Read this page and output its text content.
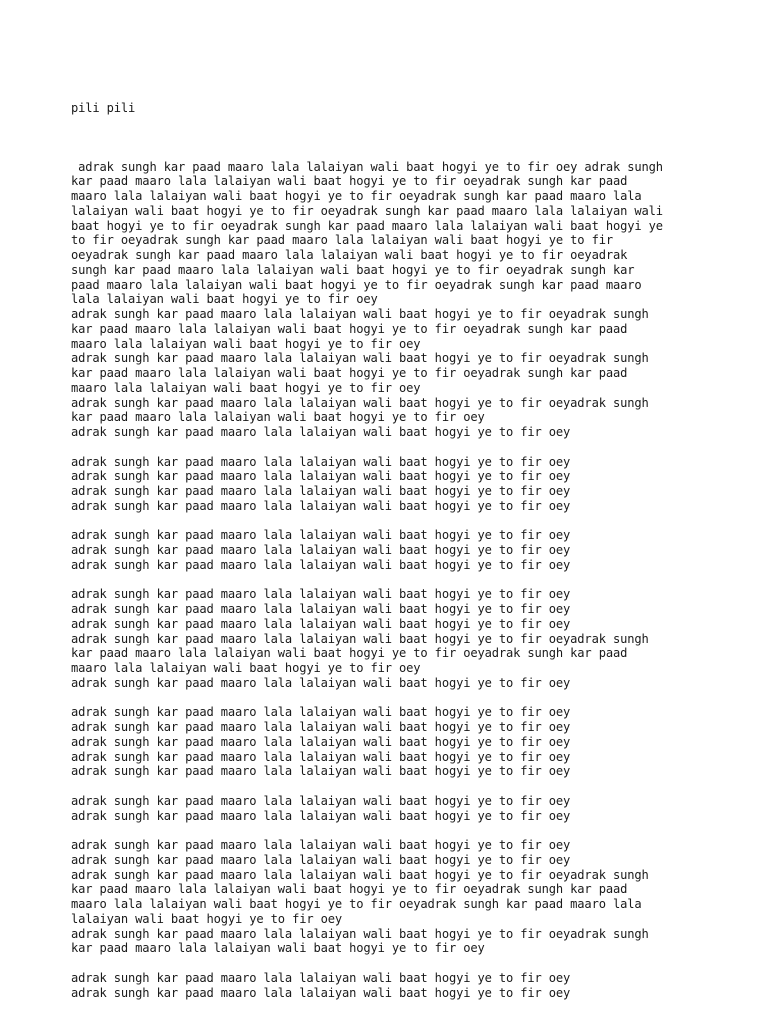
pili pili

adrak sungh kar paad maaro lala lalaiyan wali baat hogyi ye to fir oey adrak sungh
kar paad maaro lala lalaiyan wali baat hogyi ye to fir oeyadrak sungh kar paad
maaro lala lalaiyan wali baat hogyi ye to fir oeyadrak sungh kar paad maaro lala
lalaiyan wali baat hogyi ye to fir oeyadrak sungh kar paad maaro lala lalaiyan wali
baat hogyi ye to fir oeyadrak sungh kar paad maaro lala lalaiyan wali baat hogyi ye
to fir oeyadrak sungh kar paad maaro lala lalaiyan wali baat hogyi ye to fir
oeyadrak sungh kar paad maaro lala lalaiyan wali baat hogyi ye to fir oeyadrak
sungh kar paad maaro lala lalaiyan wali baat hogyi ye to fir oeyadrak sungh kar
paad maaro lala lalaiyan wali baat hogyi ye to fir oeyadrak sungh kar paad maaro
lala lalaiyan wali baat hogyi ye to fir oey
adrak sungh kar paad maaro lala lalaiyan wali baat hogyi ye to fir oeyadrak sungh
kar paad maaro lala lalaiyan wali baat hogyi ye to fir oeyadrak sungh kar paad
maaro lala lalaiyan wali baat hogyi ye to fir oey
adrak sungh kar paad maaro lala lalaiyan wali baat hogyi ye to fir oeyadrak sungh
kar paad maaro lala lalaiyan wali baat hogyi ye to fir oeyadrak sungh kar paad
maaro lala lalaiyan wali baat hogyi ye to fir oey
adrak sungh kar paad maaro lala lalaiyan wali baat hogyi ye to fir oeyadrak sungh
kar paad maaro lala lalaiyan wali baat hogyi ye to fir oey
adrak sungh kar paad maaro lala lalaiyan wali baat hogyi ye to fir oey
adrak sungh kar paad maaro lala lalaiyan wali baat hogyi ye to fir oey
adrak sungh kar paad maaro lala lalaiyan wali baat hogyi ye to fir oey
adrak sungh kar paad maaro lala lalaiyan wali baat hogyi ye to fir oey
adrak sungh kar paad maaro lala lalaiyan wali baat hogyi ye to fir oey
adrak sungh kar paad maaro lala lalaiyan wali baat hogyi ye to fir oey
adrak sungh kar paad maaro lala lalaiyan wali baat hogyi ye to fir oey
adrak sungh kar paad maaro lala lalaiyan wali baat hogyi ye to fir oey
adrak sungh kar paad maaro lala lalaiyan wali baat hogyi ye to fir oey
adrak sungh kar paad maaro lala lalaiyan wali baat hogyi ye to fir oey
adrak sungh kar paad maaro lala lalaiyan wali baat hogyi ye to fir oey
adrak sungh kar paad maaro lala lalaiyan wali baat hogyi ye to fir oeyadrak sungh
kar paad maaro lala lalaiyan wali baat hogyi ye to fir oeyadrak sungh kar paad
maaro lala lalaiyan wali baat hogyi ye to fir oey
adrak sungh kar paad maaro lala lalaiyan wali baat hogyi ye to fir oey
adrak sungh kar paad maaro lala lalaiyan wali baat hogyi ye to fir oey
adrak sungh kar paad maaro lala lalaiyan wali baat hogyi ye to fir oey
adrak sungh kar paad maaro lala lalaiyan wali baat hogyi ye to fir oey
adrak sungh kar paad maaro lala lalaiyan wali baat hogyi ye to fir oey
adrak sungh kar paad maaro lala lalaiyan wali baat hogyi ye to fir oey
adrak sungh kar paad maaro lala lalaiyan wali baat hogyi ye to fir oey
adrak sungh kar paad maaro lala lalaiyan wali baat hogyi ye to fir oey
adrak sungh kar paad maaro lala lalaiyan wali baat hogyi ye to fir oey
adrak sungh kar paad maaro lala lalaiyan wali baat hogyi ye to fir oey
adrak sungh kar paad maaro lala lalaiyan wali baat hogyi ye to fir oeyadrak sungh
kar paad maaro lala lalaiyan wali baat hogyi ye to fir oeyadrak sungh kar paad
maaro lala lalaiyan wali baat hogyi ye to fir oeyadrak sungh kar paad maaro lala
lalaiyan wali baat hogyi ye to fir oey
adrak sungh kar paad maaro lala lalaiyan wali baat hogyi ye to fir oeyadrak sungh
kar paad maaro lala lalaiyan wali baat hogyi ye to fir oey
adrak sungh kar paad maaro lala lalaiyan wali baat hogyi ye to fir oey
adrak sungh kar paad maaro lala lalaiyan wali baat hogyi ye to fir oey
